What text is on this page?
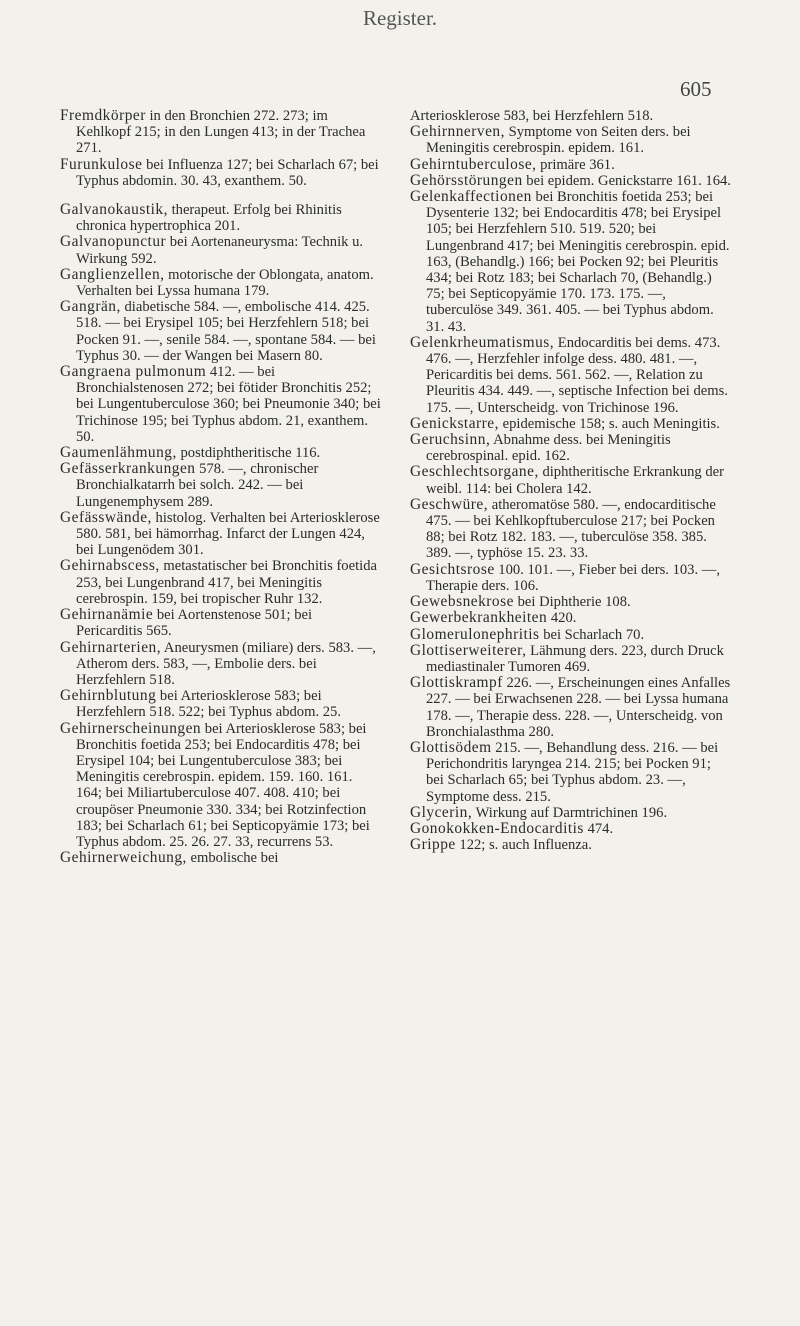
Register.
605

Fremdkörper in den Bronchien 272. 273; im Kehlkopf 215; in den Lungen 413; in der Trachea 271.

Furunkulose bei Influenza 127; bei Scharlach 67; bei Typhus abdomin. 30. 43, exanthem. 50.

Galvanokaustik, therapeut. Erfolg bei Rhinitis chronica hypertrophica 201.

Galvanopunctur bei Aortenaneurysma: Technik u. Wirkung 592.

Ganglienzellen, motorische der Oblongata, anatom. Verhalten bei Lyssa humana 179.

Gangrän, diabetische 584. —, embolische 414. 425. 518. — bei Erysipel 105; bei Herzfehlern 518; bei Pocken 91. —, senile 584. —, spontane 584. — bei Typhus 30. — der Wangen bei Masern 80.

Gangraena pulmonum 412. — bei Bronchialstenosen 272; bei fötider Bronchitis 252; bei Lungentuberculose 360; bei Pneumonie 340; bei Trichinose 195; bei Typhus abdom. 21, exanthem. 50.

Gaumenlähmung, postdiphtheritische 116.

Gefässerkrankungen 578. —, chronischer Bronchialkatarrh bei solch. 242. — bei Lungenemphysem 289.

Gefässwände, histolog. Verhalten bei Arteriosklerose 580. 581, bei hämorrhag. Infarct der Lungen 424, bei Lungenödem 301.

Gehirnabscess, metastatischer bei Bronchitis foetida 253, bei Lungenbrand 417, bei Meningitis cerebrospin. 159, bei tropischer Ruhr 132.

Gehirnanämie bei Aortenstenose 501; bei Pericarditis 565.

Gehirnarterien, Aneurysmen (miliare) ders. 583. —, Atherom ders. 583, —, Embolie ders. bei Herzfehlern 518.

Gehirnblutung bei Arteriosklerose 583; bei Herzfehlern 518. 522; bei Typhus abdom. 25.

Gehirnerscheinungen bei Arteriosklerose 583; bei Bronchitis foetida 253; bei Endocarditis 478; bei Erysipel 104; bei Lungentuberculose 383; bei Meningitis cerebrospin. epidem. 159. 160. 161. 164; bei Miliartuberculose 407. 408. 410; bei croupöser Pneumonie 330. 334; bei Rotzinfection 183; bei Scharlach 61; bei Septicopyämie 173; bei Typhus abdom. 25. 26. 27. 33, recurrens 53.

Gehirnerweichung, embolische bei

Arteriosklerose 583, bei Herzfehlern 518.

Gehirnnerven, Symptome von Seiten ders. bei Meningitis cerebrospin. epidem. 161.

Gehirntuberculose, primäre 361.

Gehörsstörungen bei epidem. Genickstarre 161. 164.

Gelenkaffectionen bei Bronchitis foetida 253; bei Dysenterie 132; bei Endocarditis 478; bei Erysipel 105; bei Herzfehlern 510. 519. 520; bei Lungenbrand 417; bei Meningitis cerebrospin. epid. 163, (Behandlg.) 166; bei Pocken 92; bei Pleuritis 434; bei Rotz 183; bei Scharlach 70, (Behandlg.) 75; bei Septicopyämie 170. 173. 175. —, tuberculöse 349. 361. 405. — bei Typhus abdom. 31. 43.

Gelenkrheumatismus, Endocarditis bei dems. 473. 476. —, Herzfehler infolge dess. 480. 481. —, Pericarditis bei dems. 561. 562. —, Relation zu Pleuritis 434. 449. —, septische Infection bei dems. 175. —, Unterscheidg. von Trichinose 196.

Genickstarre, epidemische 158; s. auch Meningitis.

Geruchsinn, Abnahme dess. bei Meningitis cerebrospinal. epid. 162.

Geschlechtsorgane, diphtheritische Erkrankung der weibl. 114: bei Cholera 142.

Geschwüre, atheromatöse 580. —, endocarditische 475. — bei Kehlkopftuberculose 217; bei Pocken 88; bei Rotz 182. 183. —, tuberculöse 358. 385. 389. —, typhöse 15. 23. 33.

Gesichtsrose 100. 101. —, Fieber bei ders. 103. —, Therapie ders. 106.

Gewebsnekrose bei Diphtherie 108.

Gewerbekrankheiten 420.

Glomerulonephritis bei Scharlach 70.

Glottiserweiterer, Lähmung ders. 223, durch Druck mediastinaler Tumoren 469.

Glottiskrampf 226. —, Erscheinungen eines Anfalles 227. — bei Erwachsenen 228. — bei Lyssa humana 178. —, Therapie dess. 228. —, Unterscheidg. von Bronchialasthma 280.

Glottisödem 215. —, Behandlung dess. 216. — bei Perichondritis laryngea 214. 215; bei Pocken 91; bei Scharlach 65; bei Typhus abdom. 23. —, Symptome dess. 215.

Glycerin, Wirkung auf Darmtrichinen 196.

Gonokokken-Endocarditis 474.

Grippe 122; s. auch Influenza.
